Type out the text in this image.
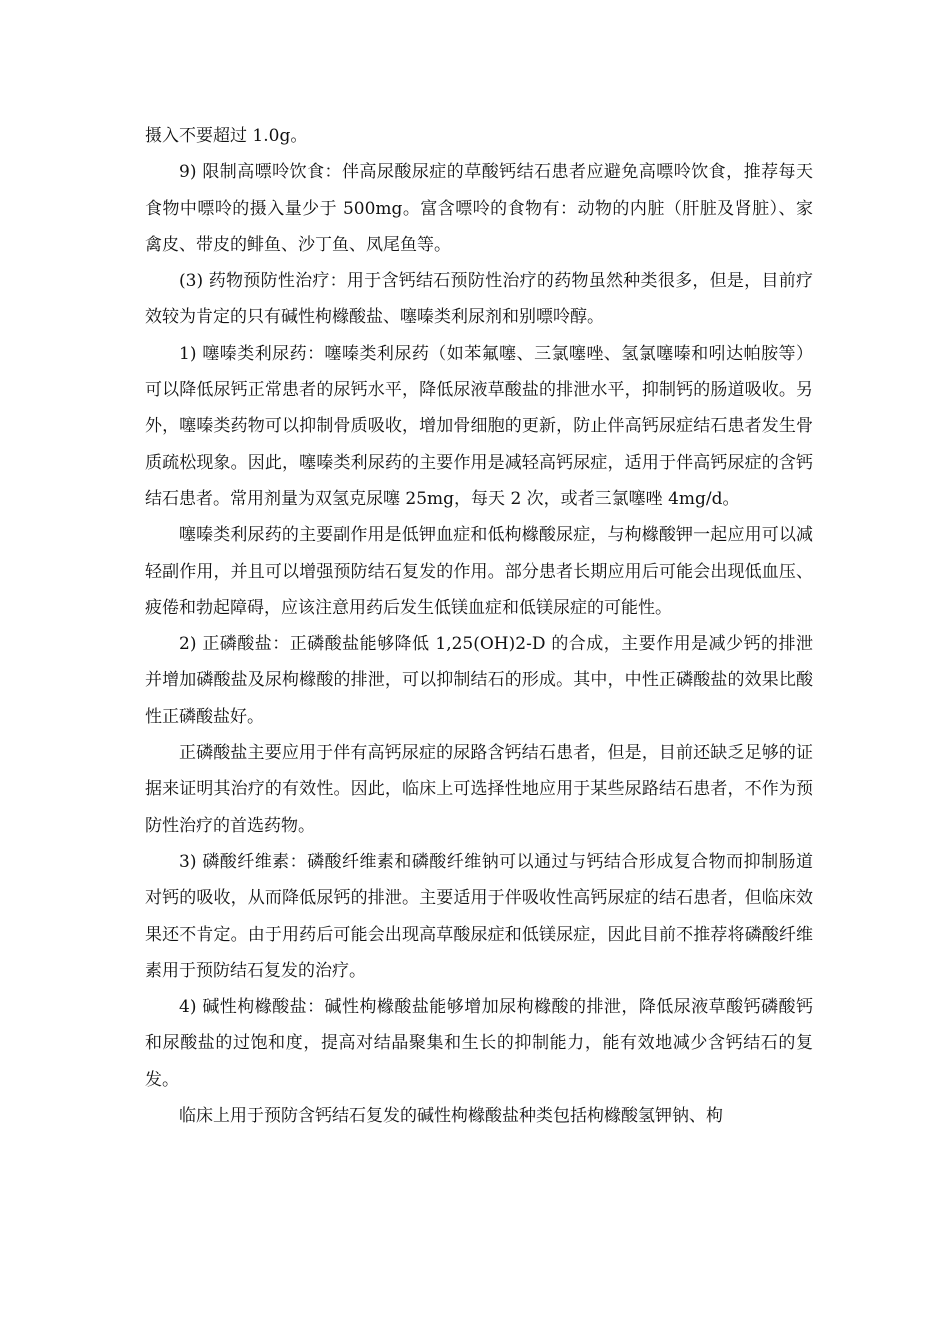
摄入不要超过 1.0g。

9) 限制高嘌呤饮食：伴高尿酸尿症的草酸钙结石患者应避免高嘌呤饮食，推荐每天食物中嘌呤的摄入量少于 500mg。富含嘌呤的食物有：动物的内脏（肝脏及肾脏）、家禽皮、带皮的鲱鱼、沙丁鱼、凤尾鱼等。

(3) 药物预防性治疗：用于含钙结石预防性治疗的药物虽然种类很多，但是，目前疗效较为肯定的只有碱性枸橼酸盐、噻嗪类利尿剂和别嘌呤醇。

1) 噻嗪类利尿药：噻嗪类利尿药（如苯氟噻、三氯噻唑、氢氯噻嗪和吲达帕胺等）可以降低尿钙正常患者的尿钙水平，降低尿液草酸盐的排泄水平，抑制钙的肠道吸收。另外，噻嗪类药物可以抑制骨质吸收，增加骨细胞的更新，防止伴高钙尿症结石患者发生骨质疏松现象。因此，噻嗪类利尿药的主要作用是减轻高钙尿症，适用于伴高钙尿症的含钙结石患者。常用剂量为双氢克尿噻 25mg，每天 2 次，或者三氯噻唑 4mg/d。

噻嗪类利尿药的主要副作用是低钾血症和低枸橼酸尿症，与枸橼酸钾一起应用可以减轻副作用，并且可以增强预防结石复发的作用。部分患者长期应用后可能会出现低血压、疲倦和勃起障碍，应该注意用药后发生低镁血症和低镁尿症的可能性。

2) 正磷酸盐：正磷酸盐能够降低 1,25(OH)2-D 的合成，主要作用是减少钙的排泄并增加磷酸盐及尿枸橼酸的排泄，可以抑制结石的形成。其中，中性正磷酸盐的效果比酸性正磷酸盐好。

正磷酸盐主要应用于伴有高钙尿症的尿路含钙结石患者，但是，目前还缺乏足够的证据来证明其治疗的有效性。因此，临床上可选择性地应用于某些尿路结石患者，不作为预防性治疗的首选药物。

3) 磷酸纤维素：磷酸纤维素和磷酸纤维钠可以通过与钙结合形成复合物而抑制肠道对钙的吸收，从而降低尿钙的排泄。主要适用于伴吸收性高钙尿症的结石患者，但临床效果还不肯定。由于用药后可能会出现高草酸尿症和低镁尿症，因此目前不推荐将磷酸纤维素用于预防结石复发的治疗。

4) 碱性枸橼酸盐：碱性枸橼酸盐能够增加尿枸橼酸的排泄，降低尿液草酸钙磷酸钙和尿酸盐的过饱和度，提高对结晶聚集和生长的抑制能力，能有效地减少含钙结石的复发。

临床上用于预防含钙结石复发的碱性枸橼酸盐种类包括枸橼酸氢钾钠、枸
